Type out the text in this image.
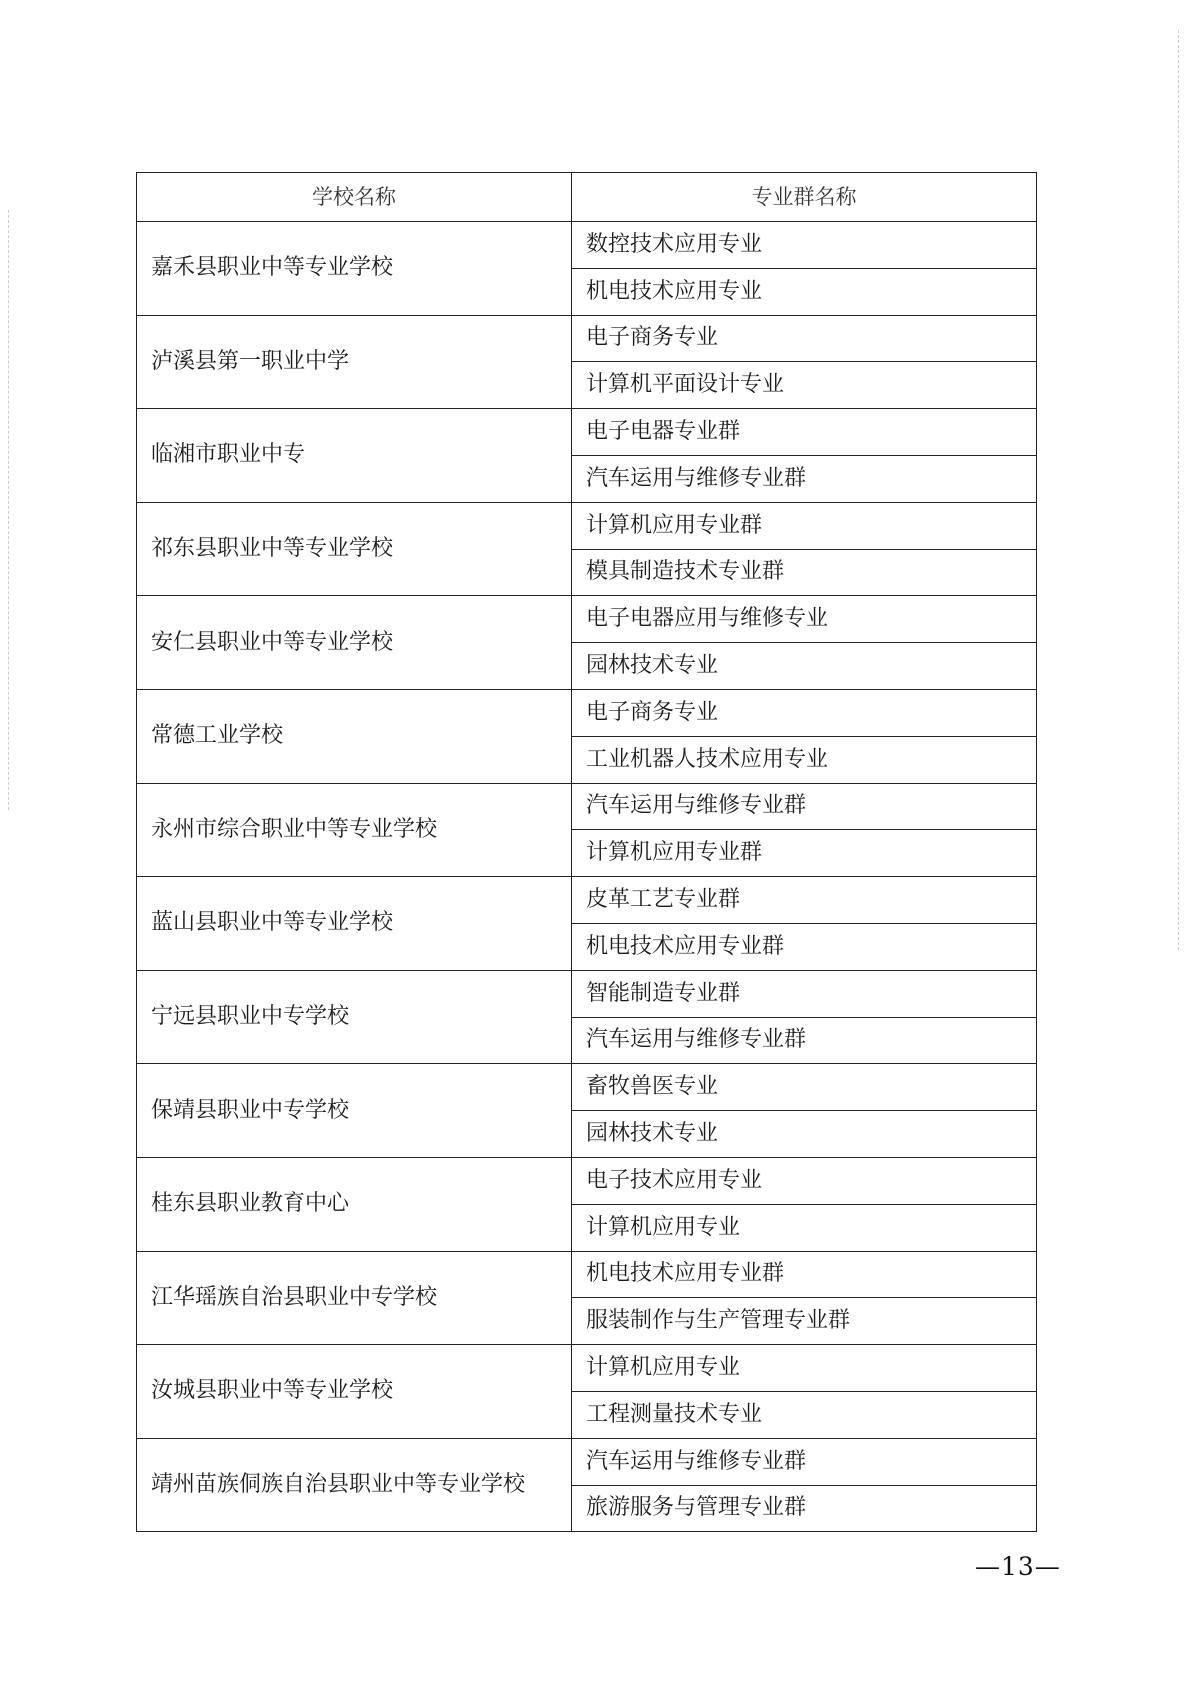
学校名称	专业群名称
嘉禾县职业中等专业学校	数控技术应用专业
	机电技术应用专业
泸溪县第一职业中学	电子商务专业
	计算机平面设计专业
临湘市职业中专	电子电器专业群
	汽车运用与维修专业群
祁东县职业中等专业学校	计算机应用专业群
	模具制造技术专业群
安仁县职业中等专业学校	电子电器应用与维修专业
	园林技术专业
常德工业学校	电子商务专业
	工业机器人技术应用专业
永州市综合职业中等专业学校	汽车运用与维修专业群
	计算机应用专业群
蓝山县职业中等专业学校	皮革工艺专业群
	机电技术应用专业群
宁远县职业中专学校	智能制造专业群
	汽车运用与维修专业群
保靖县职业中专学校	畜牧兽医专业
	园林技术专业
桂东县职业教育中心	电子技术应用专业
	计算机应用专业
江华瑶族自治县职业中专学校	机电技术应用专业群
	服装制作与生产管理专业群
汝城县职业中等专业学校	计算机应用专业
	工程测量技术专业
靖州苗族侗族自治县职业中等专业学校	汽车运用与维修专业群
	旅游服务与管理专业群
—13—
